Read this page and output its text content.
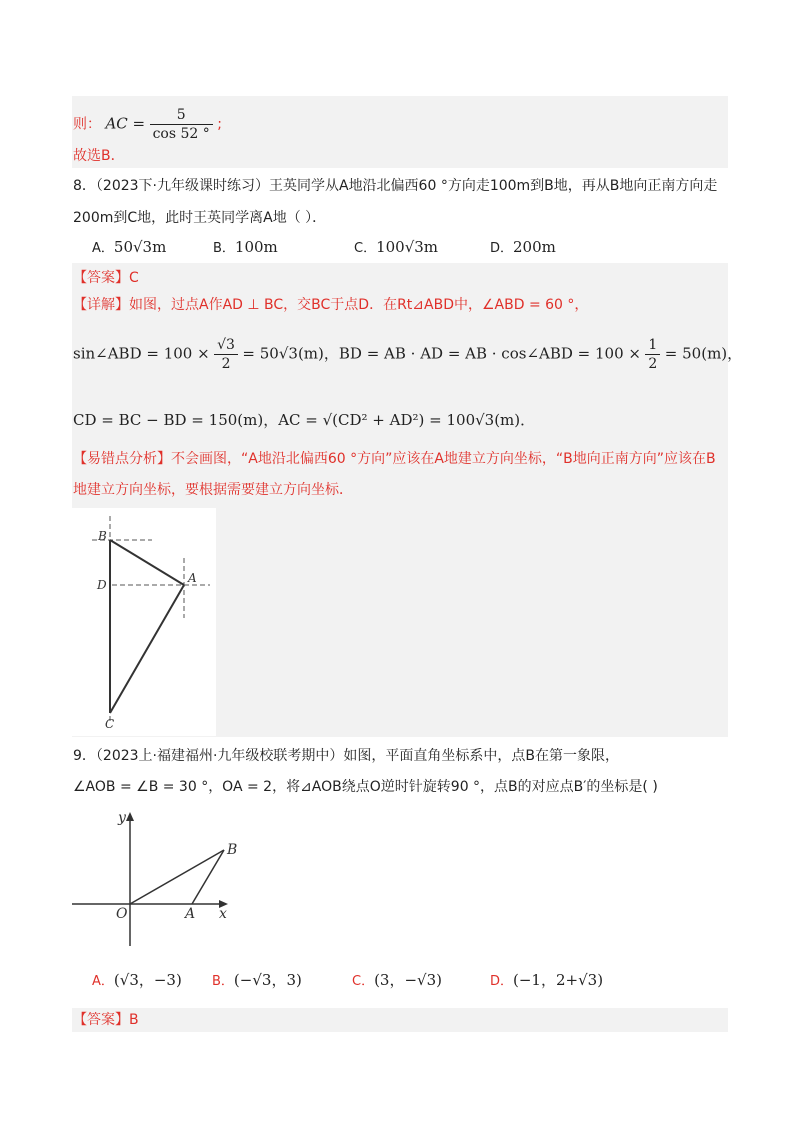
则： AC = $\frac{5}{\cos 52 ^\circ}$ ;
故选B．
8．（2023下·九年级课时练习）王英同学从A地沿北偏西60 °方向走100m到B地，再从B地向正南方向走
200m到C地，此时王英同学离A地（ ）．
A．50√3m	B．100m	C．100√3m	D．200m
【答案】C
【详解】如图，过点A作AD ⊥ BC，交BC于点D．在Rt⊿ABD中，∠ABD = 60 °，
sin∠ABD = $100 \times \frac{√3}{2} = 50√3(m)$，BD = AB · AD = AB · cos∠ABD = $100 \times \frac{1}{2} = 50(m)$，
CD = BC − BD = 150(m)，AC = √(CD² + AD²) = 100√3(m)．
【易错点分析】不会画图，“A地沿北偏西60 °方向”应该在A地建立方向坐标，“B地向正南方向”应该在B
地建立方向坐标，要根据需要建立方向坐标．
B
D	A
C
9．（2023上·福建福州·九年级校联考期中）如图，平面直角坐标系中，点B在第一象限，
∠AOB = ∠B = 30 °，OA = 2，将⊿AOB绕点O逆时针旋转90 °，点B的对应点B′的坐标是( )
y
x
O	A
B
A．(√3，−3) B．(−√3，3)	C．(3，−√3)	D．(−1，2+√3)
【答案】B
